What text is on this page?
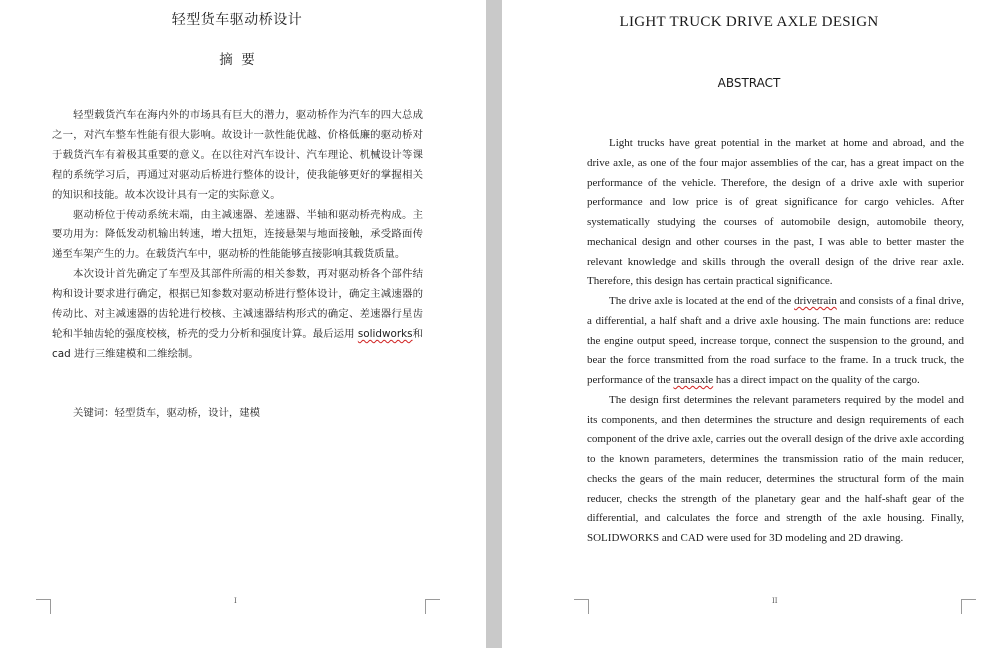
轻型货车驱动桥设计
摘  要

轻型载货汽车在海内外的市场具有巨大的潜力，驱动桥作为汽车的四大总成之一，对汽车整车性能有很大影响。故设计一款性能优越、价格低廉的驱动桥对于载货汽车有着极其重要的意义。在以往对汽车设计、汽车理论、机械设计等课程的系统学习后，再通过对驱动后桥进行整体的设计，使我能够更好的掌握相关的知识和技能。故本次设计具有一定的实际意义。

驱动桥位于传动系统末端，由主减速器、差速器、半轴和驱动桥壳构成。主要功用为：降低发动机输出转速，增大扭矩，连接悬架与地面接触，承受路面传递至车架产生的力。在载货汽车中，驱动桥的性能能够直接影响其载货质量。

本次设计首先确定了车型及其部件所需的相关参数，再对驱动桥各个部件结构和设计要求进行确定，根据已知参数对驱动桥进行整体设计，确定主减速器的传动比、对主减速器的齿轮进行校核、主减速器结构形式的确定、差速器行星齿轮和半轴齿轮的强度校核，桥壳的受力分析和强度计算。最后运用 solidworks和 cad 进行三维建模和二维绘制。

关键词：轻型货车，驱动桥，设计，建模
I
LIGHT TRUCK DRIVE AXLE DESIGN
ABSTRACT

Light trucks have great potential in the market at home and abroad, and the drive axle, as one of the four major assemblies of the car, has a great impact on the performance of the vehicle. Therefore, the design of a drive axle with superior performance and low price is of great significance for cargo vehicles. After systematically studying the courses of automobile design, automobile theory, mechanical design and other courses in the past, I was able to better master the relevant knowledge and skills through the overall design of the drive rear axle. Therefore, this design has certain practical significance.

The drive axle is located at the end of the drivetrain and consists of a final drive, a differential, a half shaft and a drive axle housing. The main functions are: reduce the engine output speed, increase torque, connect the suspension to the ground, and bear the force transmitted from the road surface to the frame. In a truck truck, the performance of the transaxle has a direct impact on the quality of the cargo.

The design first determines the relevant parameters required by the model and its components, and then determines the structure and design requirements of each component of the drive axle, carries out the overall design of the drive axle according to the known parameters, determines the transmission ratio of the main reducer, checks the gears of the main reducer, determines the structural form of the main reducer, checks the strength of the planetary gear and the half-shaft gear of the differential, and calculates the force and strength of the axle housing. Finally, SOLIDWORKS and CAD were used for 3D modeling and 2D drawing.

II
